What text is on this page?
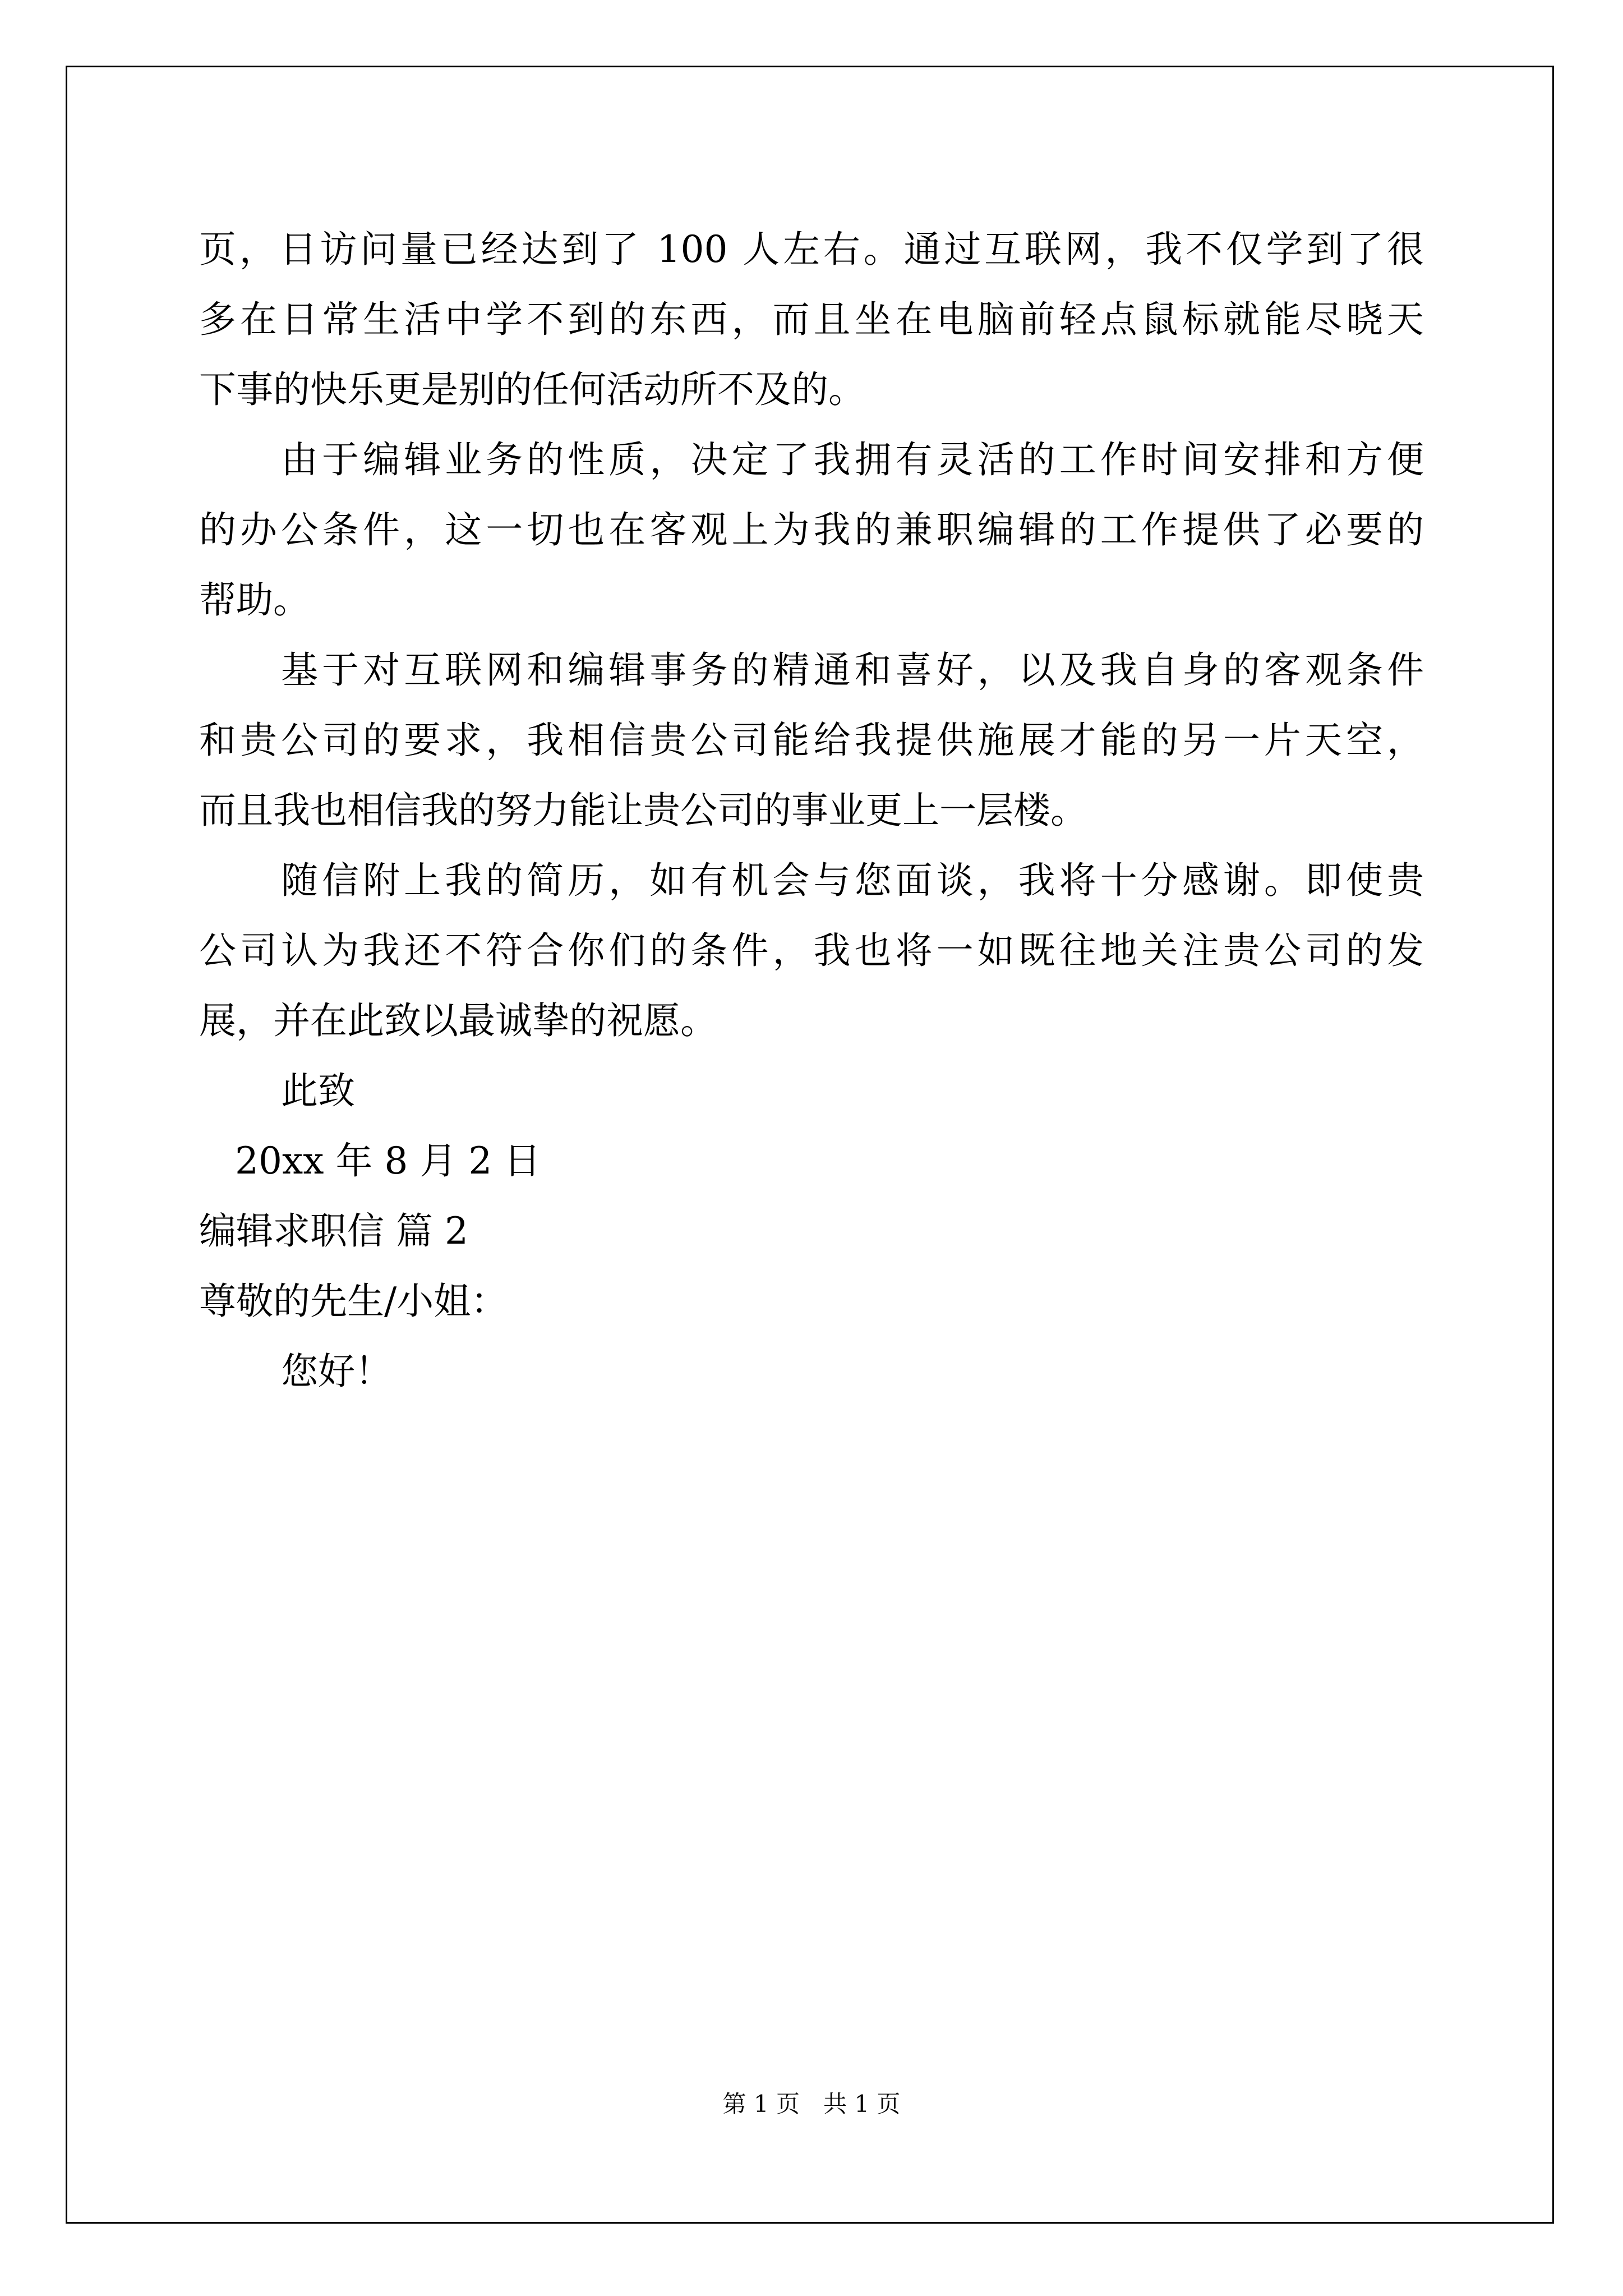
页，日访问量已经达到了 100 人左右。通过互联网，我不仅学到了很
多在日常生活中学不到的东西，而且坐在电脑前轻点鼠标就能尽晓天
下事的快乐更是别的任何活动所不及的。
由于编辑业务的性质，决定了我拥有灵活的工作时间安排和方便
的办公条件，这一切也在客观上为我的兼职编辑的工作提供了必要的
帮助。
基于对互联网和编辑事务的精通和喜好，以及我自身的客观条件
和贵公司的要求，我相信贵公司能给我提供施展才能的另一片天空，
而且我也相信我的努力能让贵公司的事业更上一层楼。
随信附上我的简历，如有机会与您面谈，我将十分感谢。即使贵
公司认为我还不符合你们的条件，我也将一如既往地关注贵公司的发
展，并在此致以最诚挚的祝愿。
此致
20xx 年 8 月 2 日
编辑求职信 篇 2
尊敬的先生/小姐：
您好！
第 1 页　共 1 页
